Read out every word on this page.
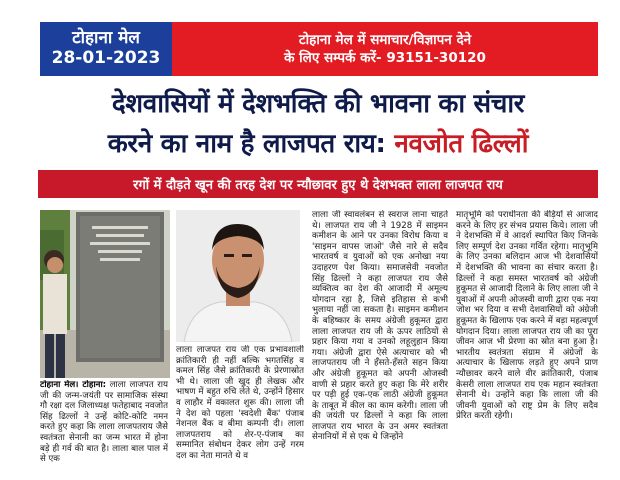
टोहाना मेल
28-01-2023
टोहाना मेल में समाचार/विज्ञापन देने
के लिए सम्पर्क करें- 93151-30120
देशवासियों में देशभक्ति की भावना का संचार
करने का नाम है लाजपत राय: नवजोत ढिल्लों
रगों में दौड़ते खून की तरह देश पर न्यौछावर हुए थे देशभक्त लाला लाजपत राय

टोहाना मेल। टोहाना: लाला लाजपत राय जी की जन्म-जयंती पर सामाजिक संस्था गौ रक्षा दल जिलाध्यक्ष फतेहाबाद नवजोत सिंह ढिल्लों ने उन्हें कोटि-कोटि नमन करते हुए कहा कि लाला लाजपतराय जैसे स्वतंत्रता सेनानी का जन्म भारत में होना बड़े ही गर्व की बात है। लाला बाल पाल में से एक

लाला लाजपत राय जी एक प्रभावशाली क्रांतिकारी ही नहीं बल्कि भगतसिंह व कमल सिंह जैसे क्रांतिकारी के प्रेरणास्रोत भी थे। लाला जी खुद ही लेखक और भाषण में बहुत रुचि लेते थे, उन्होंने हिसार व लाहौर में वकालत शुरू की। लाला जी ने देश को पहला 'स्वदेशी बैंक' पंजाब नेशनल बैंक व बीमा कम्पनी दी। लाला लाजपतराय को शेर-ए-पंजाब का सम्मानित संबोधन देकर लोग उन्हें गरम दल का नेता मानते थे व

लाला जी स्वावलंबन से स्वराज लाना चाहते थे। लाजपत राय जी ने 1928 में साइमन कमीशन के आने पर उनका विरोध किया व 'साइमन वापस जाओ' जैसे नारे से सदैव भारतवर्ष व युवाओं को एक अनोखा नया उदाहरण पेश किया। समाजसेवी नवजोत सिंह ढिल्लों ने कहा लाजपत राय जैसे व्यक्तित्व का देश की आजादी में अमूल्य योगदान रहा है, जिसे इतिहास से कभी भुलाया नहीं जा सकता है। साइमन कमीशन के बहिष्कार के समय अंग्रेजी हुकूमत द्वारा लाला लाजपत राय जी के ऊपर लाठियों से प्रहार किया गया व उनको लहूलुहान किया गया। अंग्रेजी द्वारा ऐसे अत्याचार को भी लाजपतराय जी ने हँसते-हँसते सहन किया और अंग्रेजी हुकूमत को अपनी ओजस्वी वाणी से प्रहार करते हुए कहा कि मेरे शरीर पर पड़ी हुई एक-एक लाठी अंग्रेजी हुकूमत के ताबूत में कील का काम करेगी। लाला जी की जयंती पर ढिल्लों ने कहा कि लाला लाजपत राय भारत के उन अमर स्वतंत्रता सेनानियों में से एक थे जिन्होंने

मातृभूमि को पराधीनता की बेड़ियों से आजाद करने के लिए हर संभव प्रयास किये। लाला जी ने देशभक्ति में वे आदर्श स्थापित किए जिनके लिए सम्पूर्ण देश उनका गर्वित रहेगा। मातृभूमि के लिए उनका बलिदान आज भी देशवासियों में देशभक्ति की भावना का संचार करता है। ढिल्लों ने कहा समस्त भारतवर्ष को अंग्रेजी हुकूमत से आजादी दिलाने के लिए लाला जी ने युवाओं में अपनी ओजस्वी वाणी द्वारा एक नया जोश भर दिया व सभी देशवासियों को अंग्रेजी हुकूमत के खिलाफ एक करने में बड़ा महत्वपूर्ण योगदान दिया। लाला लाजपत राय जी का पूरा जीवन आज भी प्रेरणा का स्रोत बना हुआ है। भारतीय स्वतंत्रता संग्राम में अंग्रेजों के अत्याचार के खिलाफ लड़ते हुए अपने प्राण न्यौछावर करने वाले वीर क्रांतिकारी, पंजाब केसरी लाला लाजपत राय एक महान स्वतंत्रता सेनानी थे। उन्होंने कहा कि लाला जी की जीवनी युवाओं को राष्ट्र प्रेम के लिए सदैव प्रेरित करती रहेगी।
